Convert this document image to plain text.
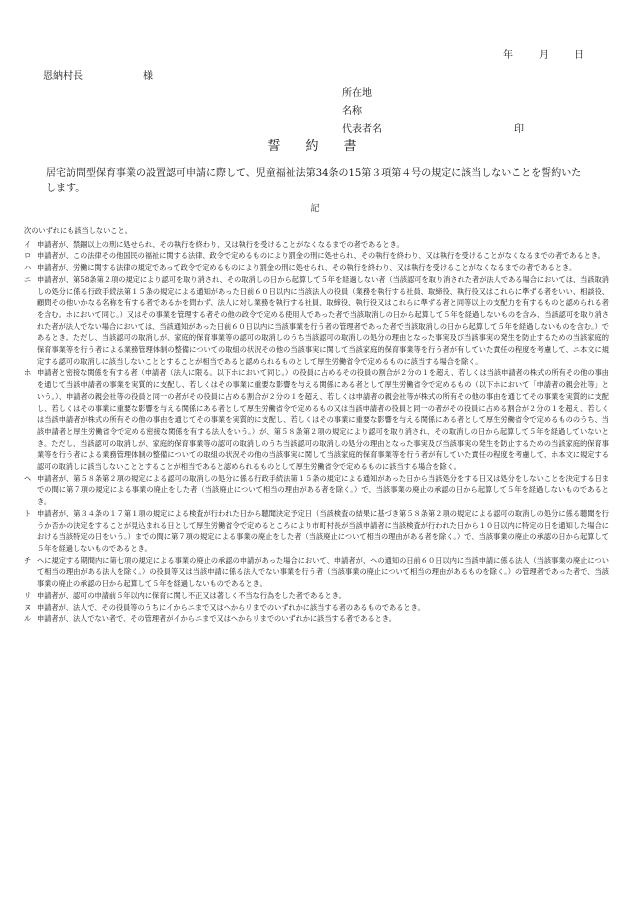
年	月	日
恩納村長	様
所在地
名称
代表者名	印
誓　約　書
居宅訪問型保育事業の設置認可申請に際して、児童福祉法第34条の15第３項第４号の規定に該当しないことを誓約いたします。
記

次のいずれにも該当しないこと。

イ 申請者が、禁錮以上の刑に処せられ、その執行を終わり、又は執行を受けることがなくなるまでの者であるとき。
ロ 申請者が、この法律その他国民の福祉に関する法律、政令で定めるものにより罰金の刑に処せられ、その執行を終わり、又は執行を受けることがなくなるまでの者であるとき。
ハ 申請者が、労働に関する法律の規定であって政令で定めるものにより罰金の刑に処せられ、その執行を終わり、又は執行を受けることがなくなるまでの者であるとき。
ニ 申請者が、第58条第２項の規定により認可を取り消され、その取消しの日から起算して５年を経過しない者（当該認可を取り消された者が法人である場合においては、当該取消しの処分に係る行政手続法第１５条の規定による通知があった日前６０日以内に当該法人の役員（業務を執行する社員、取締役、執行役又はこれらに準ずる者をいい、相談役、顧問その他いかなる名称を有する者であるかを問わず、法人に対し業務を執行する社員、取締役、執行役又はこれらに準ずる者と同等以上の支配力を有するものと認められる者を含む。ホにおいて同じ。）又はその事業を管理する者その他の政令で定める使用人であった者で当該取消しの日から起算して５年を経過しないものを含み、当該認可を取り消された者が法人でない場合においては、当該通知があった日前６０日以内に当該事業を行う者の管理者であった者で当該取消しの日から起算して５年を経過しないものを含む。）であるとき。ただし、当該認可の取消しが、家庭的保育事業等の認可の取消しのうち当該認可の取消しの処分の理由となった事実及び当該事実の発生を防止するための当該家庭的保育事業等を行う者による業務管理体制の整備についての取組の状況その他の当該事実に関して当該家庭的保育事業等を行う者が有していた責任の程度を考慮して、ニ本文に規定する認可の取消しに該当しないこととすることが相当であると認められるものとして厚生労働省令で定めるものに該当する場合を除く。
ホ 申請者と密接な関係を有する者（申請者（法人に限る。以下ホにおいて同じ。）の役員に占めるその役員の割合が２分の１を超え、若しくは当該申請者の株式の所有その他の事由を通じて当該申請者の事業を実質的に支配し、若しくはその事業に重要な影響を与える関係にある者として厚生労働省令で定めるもの（以下ホにおいて「申請者の親会社等」という。）、申請者の親会社等の役員と同一の者がその役員に占める割合が２分の１を超え、若しくは申請者の親会社等が株式の所有その他の事由を通じてその事業を実質的に支配し、若しくはその事業に重要な影響を与える関係にある者として厚生労働省令で定めるもの又は当該申請者の役員と同一の者がその役員に占める割合が２分の１を超え、若しくは当該申請者が株式の所有その他の事由を通じてその事業を実質的に支配し、若しくはその事業に重要な影響を与える関係にある者として厚生労働省令で定めるもののうち、当該申請者と厚生労働省令で定める密接な関係を有する法人をいう。）が、第５８条第２項の規定により認可を取り消され、その取消しの日から起算して５年を経過していないとき。ただし、当該認可の取消しが、家庭的保育事業等の認可の取消しのうち当該認可の取消しの処分の理由となった事実及び当該事実の発生を防止するための当該家庭的保育事業等を行う者による業務管理体制の整備についての取組の状況その他の当該事実に関して当該家庭的保育事業等を行う者が有していた責任の程度を考慮して、ホ本文に規定する認可の取消しに該当しないこととすることが相当であると認められるものとして厚生労働省令で定めるものに該当する場合を除く。
ヘ 申請者が、第５８条第２項の規定による認可の取消しの処分に係る行政手続法第１５条の規定による通知があった日から当該処分をする日又は処分をしないことを決定する日までの間に第７項の規定による事業の廃止をした者（当該廃止について相当の理由がある者を除く。）で、当該事業の廃止の承認の日から起算して５年を経過しないものであるとき。
ト 申請者が、第３４条の１７第１項の規定による検査が行われた日から聴聞決定予定日（当該検査の結果に基づき第５８条第２項の規定による認可の取消しの処分に係る聴聞を行うか否かの決定をすることが見込まれる日として厚生労働省令で定めるところにより市町村長が当該申請者に当該検査が行われた日から１０日以内に特定の日を通知した場合における当該特定の日をいう。）までの間に第７項の規定による事業の廃止をした者（当該廃止について相当の理由がある者を除く。）で、当該事業の廃止の承認の日から起算して５年を経過しないものであるとき。
チ ヘに規定する期間内に第七項の規定による事業の廃止の承認の申請があった場合において、申請者が、ヘの通知の日前６０日以内に当該申請に係る法人（当該事業の廃止について相当の理由がある法人を除く。）の役員等又は当該申請に係る法人でない事業を行う者（当該事業の廃止について相当の理由があるものを除く。）の管理者であった者で、当該事業の廃止の承認の日から起算して５年を経過しないものであるとき。
リ 申請者が、認可の申請前５年以内に保育に関し不正又は著しく不当な行為をした者であるとき。
ヌ 申請者が、法人で、その役員等のうちにイからニまで又はヘからリまでのいずれかに該当する者のあるものであるとき。
ル 申請者が、法人でない者で、その管理者がイからニまで又はヘからリまでのいずれかに該当する者であるとき。
